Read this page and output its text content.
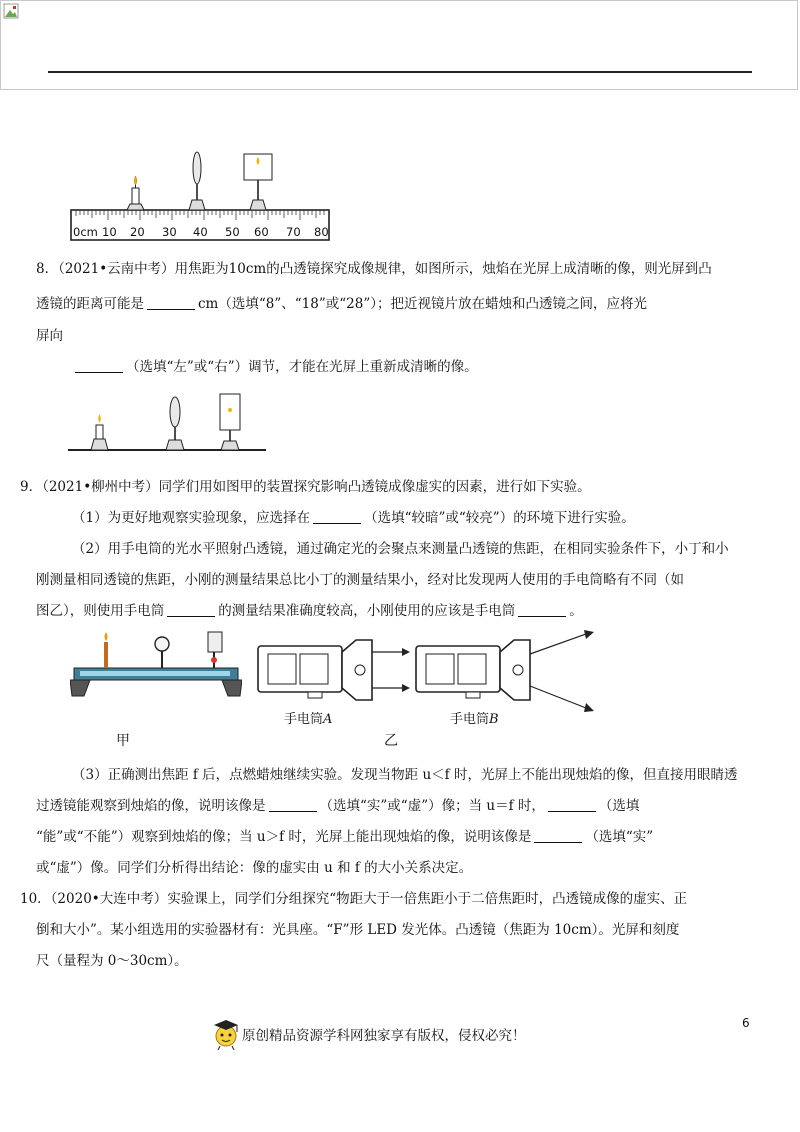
0cm 10 20 30 40 50 60 70 80
8．（2021•云南中考）用焦距为10cm的凸透镜探究成像规律，如图所示，烛焰在光屏上成清晰的像，则光屏到凸
透镜的距离可能是	cm（选填“8”、“18”或“28”）；把近视镜片放在蜡烛和凸透镜之间，应将光
屏向
（选填“左”或“右”）调节，才能在光屏上重新成清晰的像。
9．（2021•柳州中考）同学们用如图甲的装置探究影响凸透镜成像虚实的因素，进行如下实验。
（1）为更好地观察实验现象，应选择在	（选填“较暗”或“较亮”）的环境下进行实验。
（2）用手电筒的光水平照射凸透镜，通过确定光的会聚点来测量凸透镜的焦距，在相同实验条件下，小丁和小
刚测量相同透镜的焦距，小刚的测量结果总比小丁的测量结果小，经对比发现两人使用的手电筒略有不同（如
图乙），则使用手电筒	的测量结果准确度较高，小刚使用的应该是手电筒	。
手电筒A	手电筒B
甲	乙
（3）正确测出焦距 f 后，点燃蜡烛继续实验。发现当物距 u＜f 时，光屏上不能出现烛焰的像，但直接用眼睛透
过透镜能观察到烛焰的像，说明该像是	（选填“实”或“虚”）像；当 u＝f 时，	（选填
“能”或“不能”）观察到烛焰的像；当 u＞f 时，光屏上能出现烛焰的像，说明该像是	（选填“实”
或“虚”）像。同学们分析得出结论：像的虚实由 u 和 f 的大小关系决定。
10．（2020•大连中考）实验课上，同学们分组探究“物距大于一倍焦距小于二倍焦距时，凸透镜成像的虚实、正
倒和大小”。某小组选用的实验器材有：光具座。“F”形 LED 发光体。凸透镜（焦距为 10cm）。光屏和刻度
尺（量程为 0～30cm）。
6
原创精品资源学科网独家享有版权，侵权必究！
